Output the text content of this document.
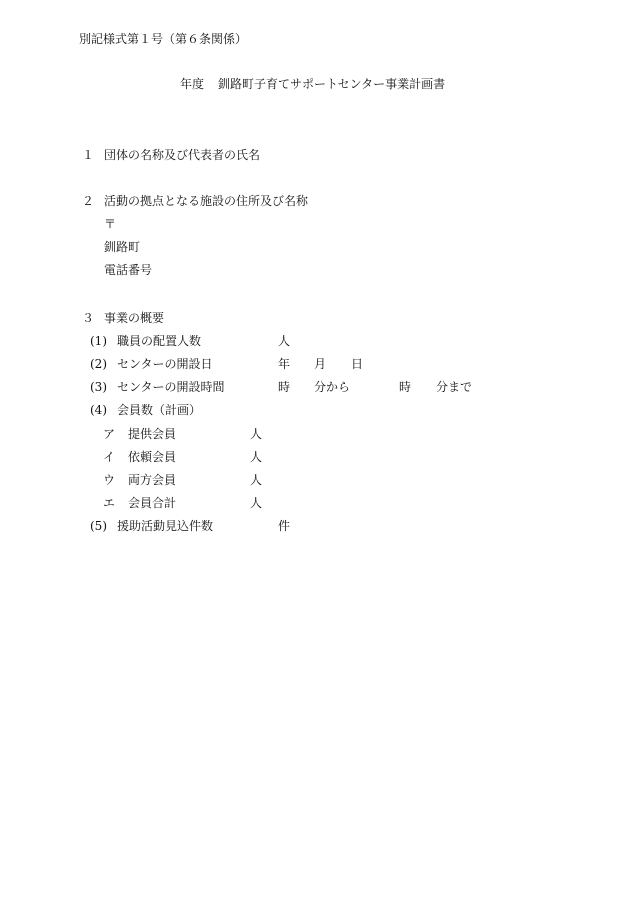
別記様式第１号（第６条関係）
年度 釧路町子育てサポートセンター事業計画書
１ 団体の名称及び代表者の氏名
２ 活動の拠点となる施設の住所及び名称
〒
釧路町
電話番号
３ 事業の概要
(1) 職員の配置人数	人
(2) センターの開設日	年 月 日
(3) センターの開設時間	時 分から	時 分まで
(4) 会員数（計画）
ア 提供会員	人
イ 依頼会員	人
ウ 両方会員	人
エ 会員合計	人
(5) 援助活動見込件数	件
